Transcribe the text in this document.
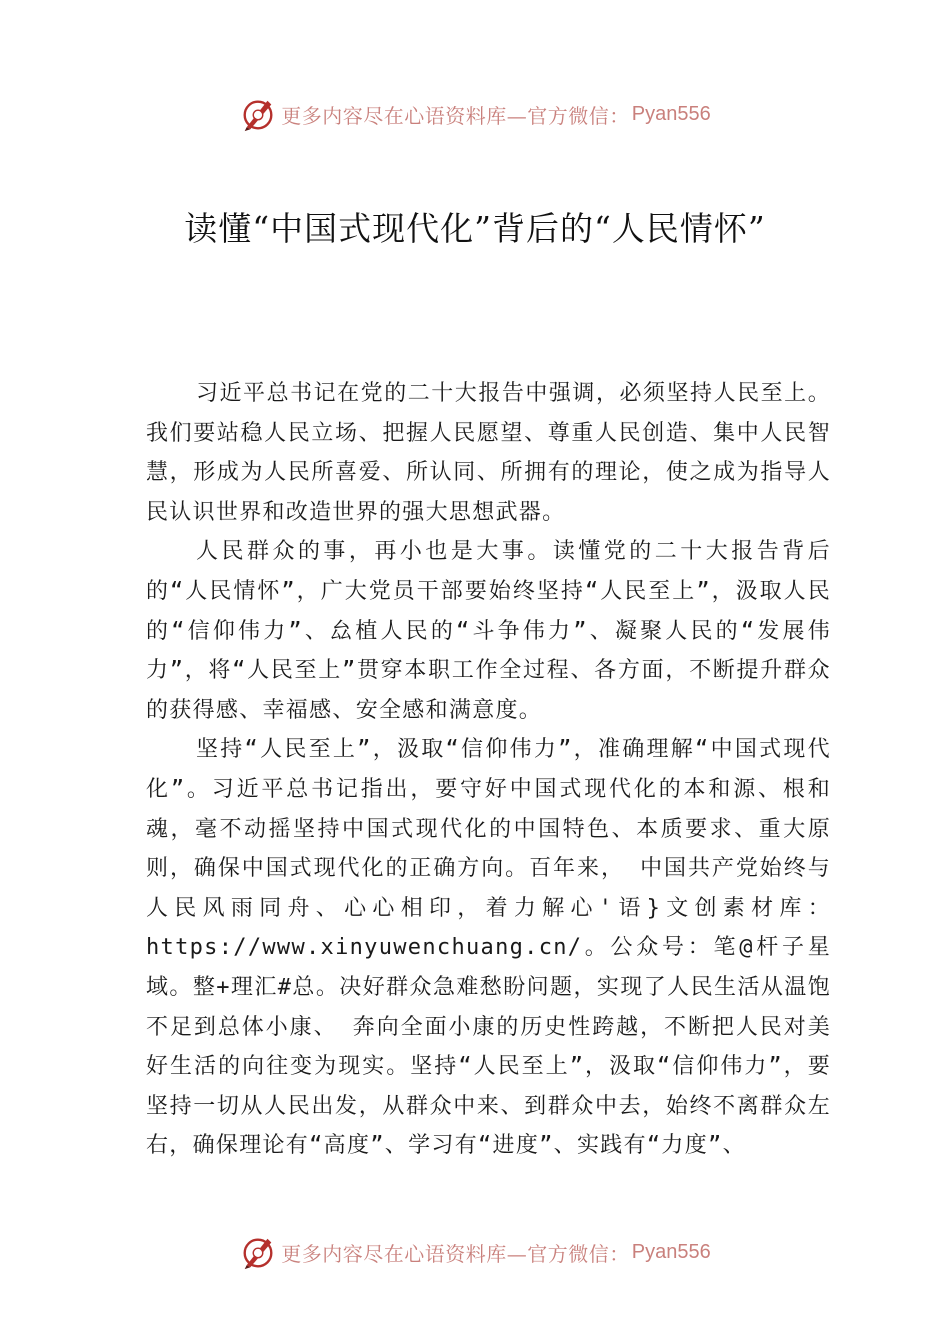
更多内容尽在心语资料库—官方微信： Pyan556
读懂“中国式现代化”背后的“人民情怀”

习近平总书记在党的二十大报告中强调，必须坚持人民至上。我们要站稳人民立场、把握人民愿望、尊重人民创造、集中人民智慧，形成为人民所喜爱、所认同、所拥有的理论，使之成为指导人民认识世界和改造世界的强大思想武器。

人民群众的事，再小也是大事。读懂党的二十大报告背后的“人民情怀”，广大党员干部要始终坚持“人民至上”，汲取人民的“信仰伟力”、厽植人民的“斗争伟力”、凝聚人民的“发展伟力”，将“人民至上”贯穿本职工作全过程、各方面，不断提升群众的获得感、幸福感、安全感和满意度。

坚持“人民至上”，汲取“信仰伟力”，准确理解“中国式现代化”。习近平总书记指出，要守好中国式现代化的本和源、根和魂，毫不动摇坚持中国式现代化的中国特色、本质要求、重大原则，确保中国式现代化的正确方向。百年来， 中国共产党始终与人民风雨同舟、心心相印，着力解心'语}文创素材库：https://www.xinyuwenchuang.cn/。公众号：笔@杆子星域。整+理汇#总。决好群众急难愁盼问题，实现了人民生活从温饱不足到总体小康、 奔向全面小康的历史性跨越，不断把人民对美好生活的向往变为现实。坚持“人民至上”，汲取“信仰伟力”，要坚持一切从人民出发，从群众中来、到群众中去，始终不离群众左右，确保理论有“高度”、学习有“进度”、实践有“力度”、

更多内容尽在心语资料库—官方微信： Pyan556
